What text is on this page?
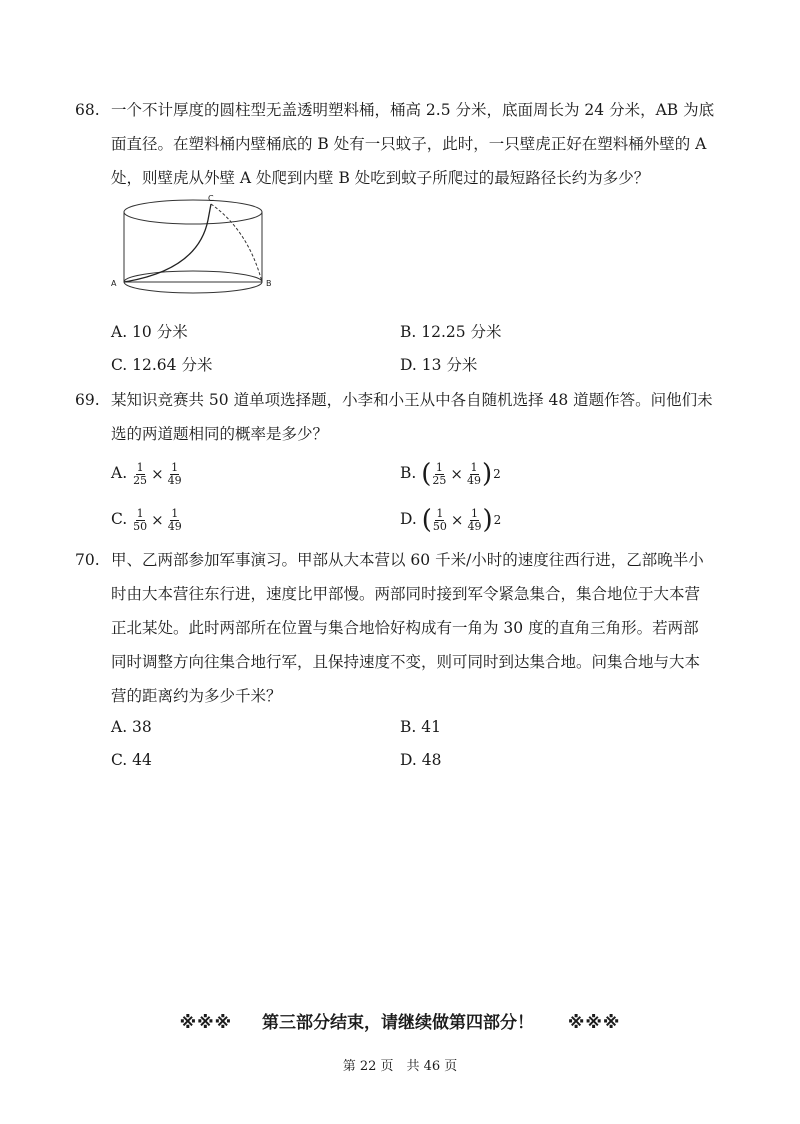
68. 一个不计厚度的圆柱型无盖透明塑料桶，桶高 2.5 分米，底面周长为 24 分米，AB 为底

面直径。在塑料桶内壁桶底的 B 处有一只蚊子，此时，一只壁虎正好在塑料桶外壁的 A

处，则壁虎从外壁 A 处爬到内壁 B 处吃到蚊子所爬过的最短路径长约为多少？

A	B
C
A. 10 分米	B. 12.25 分米
C. 12.64 分米	D. 13 分米

69. 某知识竞赛共 50 道单项选择题，小李和小王从中各自随机选择 48 道题作答。问他们未

选的两道题相同的概率是多少？

A. $\frac{1}{25} \times \frac{1}{49}$	B. ( $\frac{1}{25} \times \frac{1}{49}$ ) 2
C. $\frac{1}{50} \times \frac{1}{49}$	D. ( $\frac{1}{50} \times \frac{1}{49}$ ) 2

70. 甲、乙两部参加军事演习。甲部从大本营以 60 千米/小时的速度往西行进，乙部晚半小

时由大本营往东行进，速度比甲部慢。两部同时接到军令紧急集合，集合地位于大本营

正北某处。此时两部所在位置与集合地恰好构成有一角为 30 度的直角三角形。若两部

同时调整方向往集合地行军，且保持速度不变，则可同时到达集合地。问集合地与大本

营的距离约为多少千米？

A. 38	B. 41
C. 44	D. 48
※※※ 第三部分结束，请继续做第四部分！ ※※※
第 22 页　共 46 页
